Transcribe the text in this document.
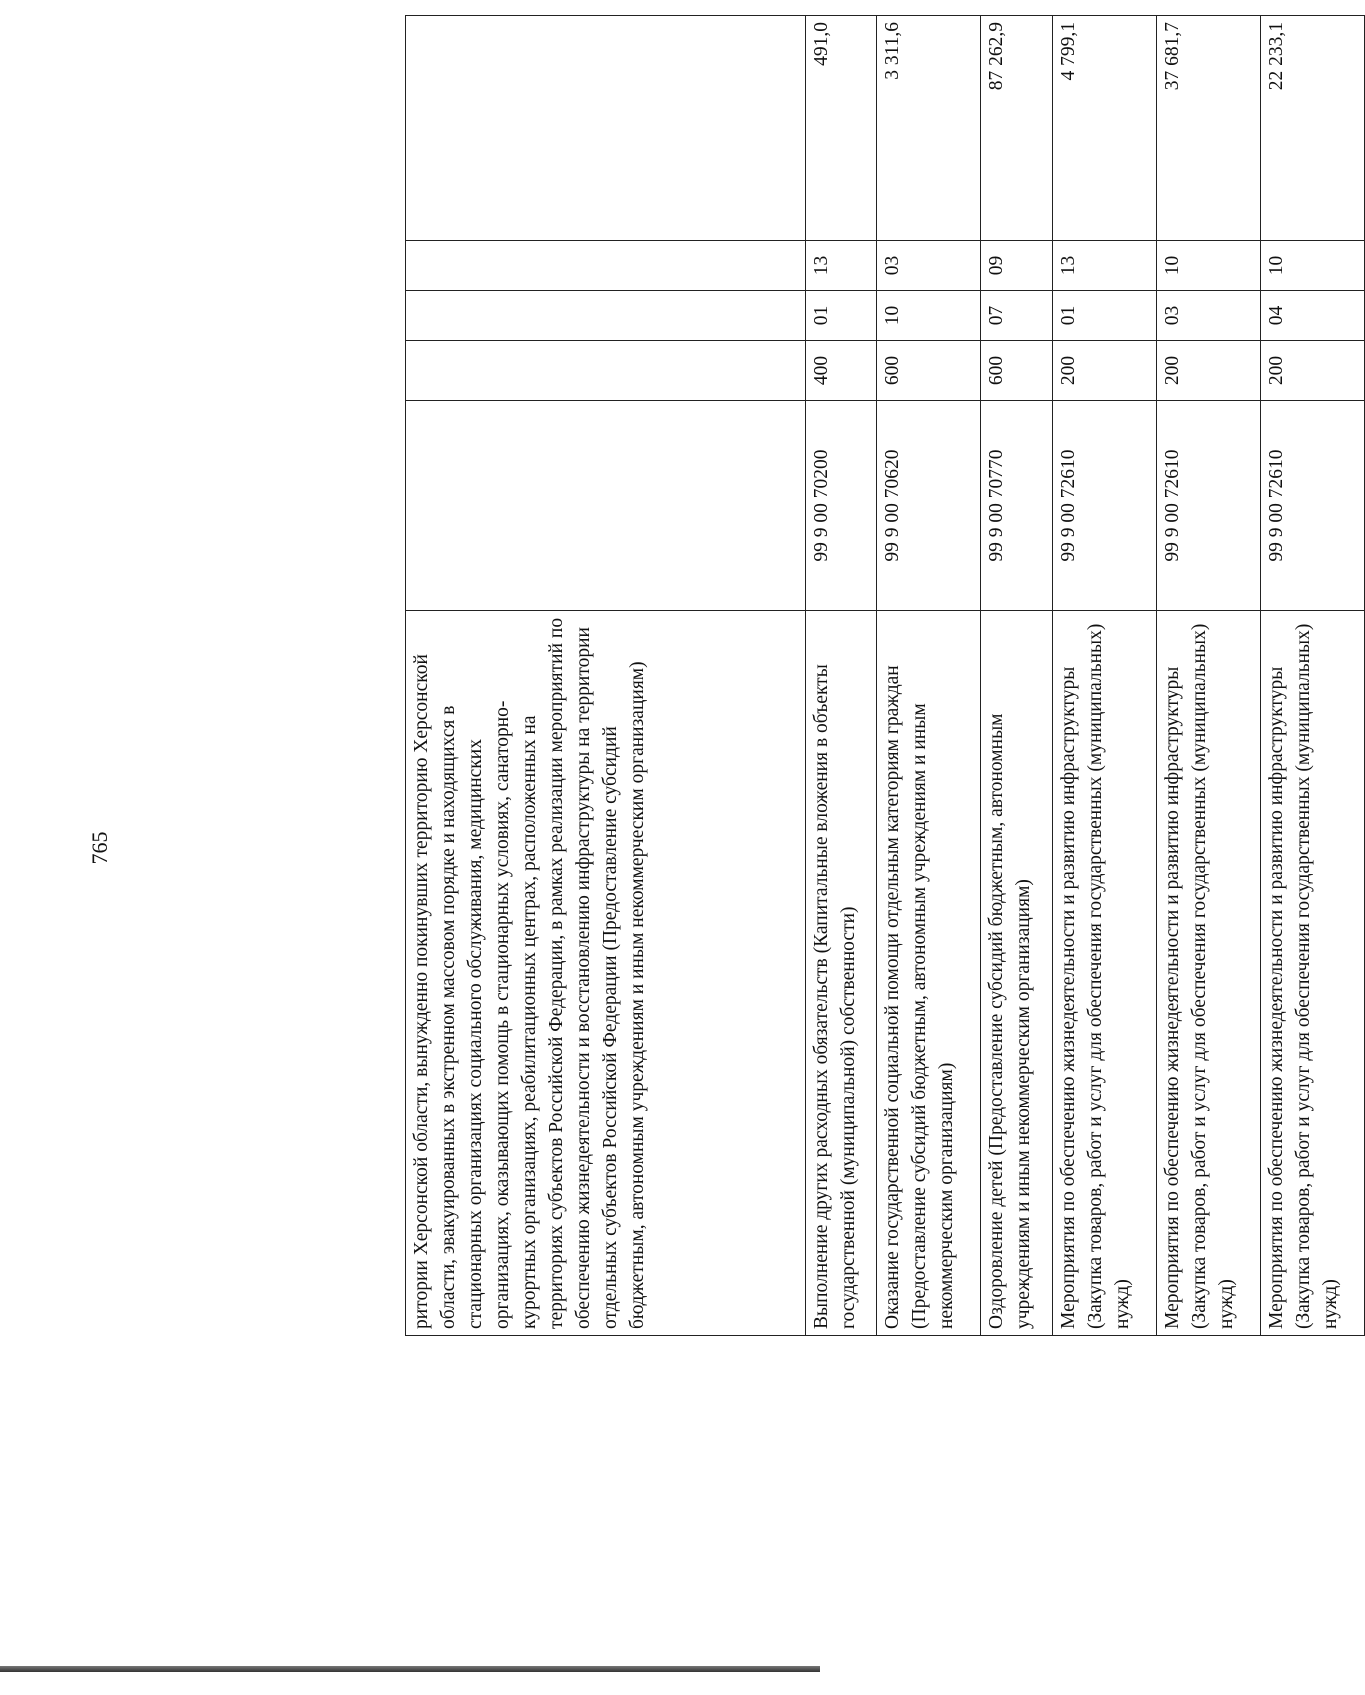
765	ритории Херсонской области, вынужденно покинувших территорию Херсонской области, эвакуированных в экстренном массовом порядке и находящихся в стационарных организациях социального обслуживания, медицинских организациях, оказывающих помощь в стационарных условиях, санаторно-курортных организациях, реабилитационных центрах, расположенных на территориях субъектов Российской Федерации, в рамках реализации мероприятий по обеспечению жизнедеятельности и восстановлению инфраструктуры на территории отдельных субъектов Российской Федерации (Предоставление субсидий бюджетным, автономным учреждениям и иным некоммерческим организациям)					
Выполнение других расходных обязательств (Капитальные вложения в объекты государственной (муниципальной) собственности)	99 9 00 70200	400	01	13	491,0
Оказание государственной социальной помощи отдельным категориям граждан (Предоставление субсидий бюджетным, автономным учреждениям и иным некоммерческим организациям)	99 9 00 70620	600	10	03	3 311,6
Оздоровление детей (Предоставление субсидий бюджетным, автономным учреждениям и иным некоммерческим организациям)	99 9 00 70770	600	07	09	87 262,9
Мероприятия по обеспечению жизнедеятельности и развитию инфраструктуры (Закупка товаров, работ и услуг для обеспечения государственных (муниципальных) нужд)	99 9 00 72610	200	01	13	4 799,1
Мероприятия по обеспечению жизнедеятельности и развитию инфраструктуры (Закупка товаров, работ и услуг для обеспечения государственных (муниципальных) нужд)	99 9 00 72610	200	03	10	37 681,7
Мероприятия по обеспечению жизнедеятельности и развитию инфраструктуры (Закупка товаров, работ и услуг для обеспечения государственных (муниципальных) нужд)	99 9 00 72610	200	04	10	22 233,1
